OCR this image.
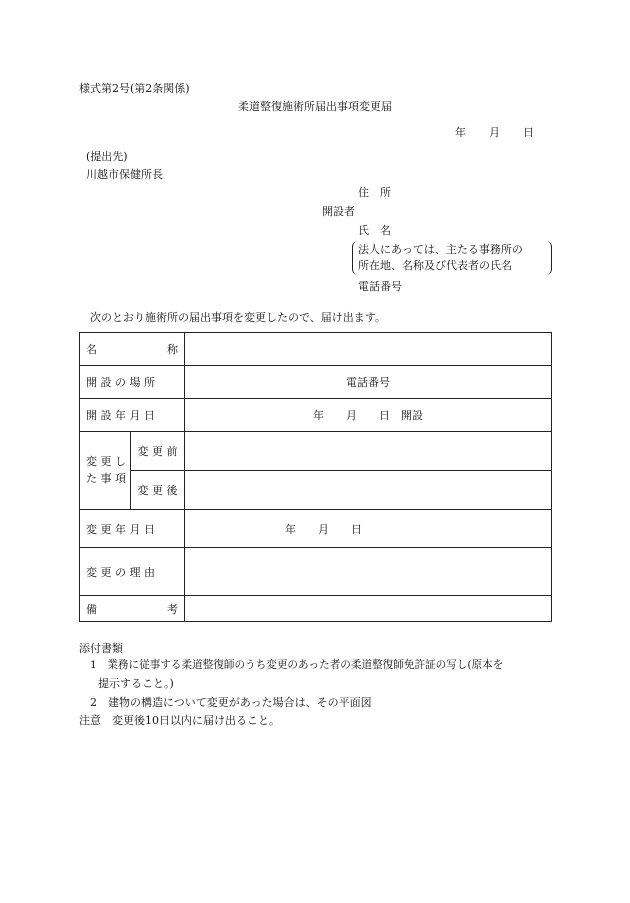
様式第2号(第2条関係)
柔道整復施術所届出事項変更届
年 月 日
(提出先)
川越市保健所長
住　所
開設者
氏　名
法人にあっては、主たる事務所の
所在地、名称及び代表者の氏名
電話番号
次のとおり施術所の届出事項を変更したので、届け出ます。
名 称		

開 設 の 場 所		電話番号
開 設 年 月 日		年　　月　　日　開設

変 更 し
た 事 項	変 更 前	
	変 更 後	
変 更 年 月 日		年　　月　　日
変 更 の 理 由		

備 考		

添付書類
1　業務に従事する柔道整復師のうち変更のあった者の柔道整復師免許証の写し(原本を
提示すること。)
2　建物の構造について変更があった場合は、その平面図
注意　変更後10日以内に届け出ること。
